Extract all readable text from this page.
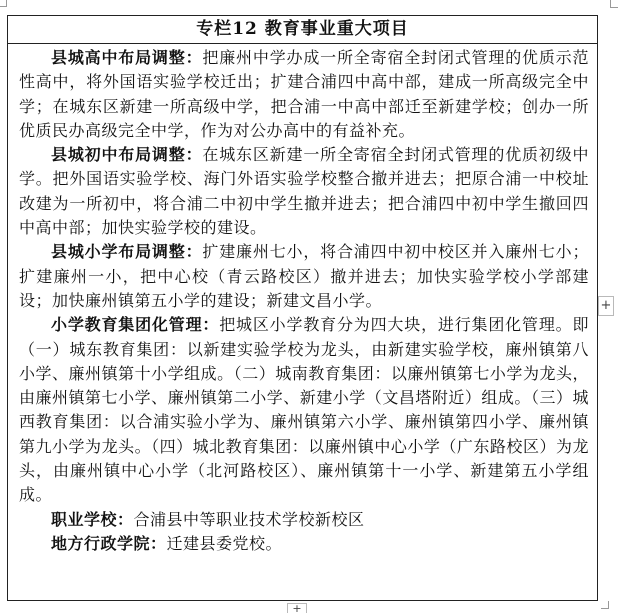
专栏12 教育事业重大项目

县城高中布局调整：把廉州中学办成一所全寄宿全封闭式管理的优质示范性高中，将外国语实验学校迁出；扩建合浦四中高中部，建成一所高级完全中学；在城东区新建一所高级中学，把合浦一中高中部迁至新建学校；创办一所优质民办高级完全中学，作为对公办高中的有益补充。

县城初中布局调整：在城东区新建一所全寄宿全封闭式管理的优质初级中学。把外国语实验学校、海门外语实验学校整合撤并进去；把原合浦一中校址改建为一所初中，将合浦二中初中学生撤并进去；把合浦四中初中学生撤回四中高中部；加快实验学校的建设。

县城小学布局调整：扩建廉州七小，将合浦四中初中校区并入廉州七小；扩建廉州一小，把中心校（青云路校区）撤并进去；加快实验学校小学部建设；加快廉州镇第五小学的建设；新建文昌小学。

小学教育集团化管理：把城区小学教育分为四大块，进行集团化管理。即（一）城东教育集团：以新建实验学校为龙头，由新建实验学校，廉州镇第八小学、廉州镇第十小学组成。（二）城南教育集团：以廉州镇第七小学为龙头，由廉州镇第七小学、廉州镇第二小学、新建小学（文昌塔附近）组成。（三）城西教育集团：以合浦实验小学为、廉州镇第六小学、廉州镇第四小学、廉州镇第九小学为龙头。（四）城北教育集团：以廉州镇中心小学（广东路校区）为龙头，由廉州镇中心小学（北河路校区）、廉州镇第十一小学、新建第五小学组成。

职业学校：合浦县中等职业技术学校新校区

地方行政学院：迁建县委党校。

+
+
